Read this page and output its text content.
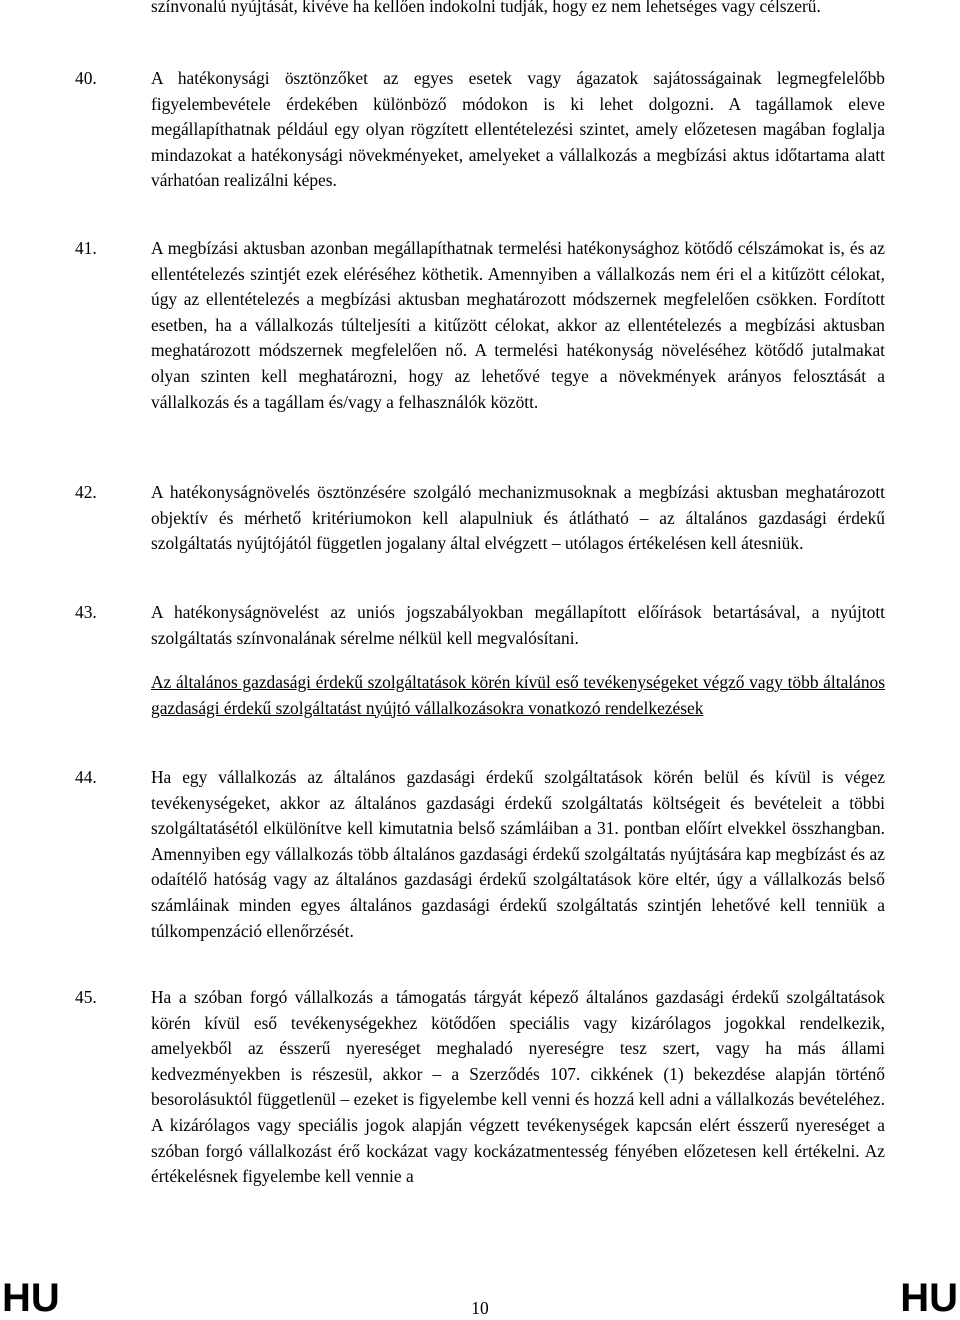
színvonalú nyújtását, kivéve ha kellően indokolni tudják, hogy ez nem lehetséges vagy célszerű.
40.	A hatékonysági ösztönzőket az egyes esetek vagy ágazatok sajátosságainak legmegfelelőbb figyelembevétele érdekében különböző módokon is ki lehet dolgozni. A tagállamok eleve megállapíthatnak például egy olyan rögzített ellentételezési szintet, amely előzetesen magában foglalja mindazokat a hatékonysági növekményeket, amelyeket a vállalkozás a megbízási aktus időtartama alatt várhatóan realizálni képes.
41.	A megbízási aktusban azonban megállapíthatnak termelési hatékonysághoz kötődő célszámokat is, és az ellentételezés szintjét ezek eléréséhez köthetik. Amennyiben a vállalkozás nem éri el a kitűzött célokat, úgy az ellentételezés a megbízási aktusban meghatározott módszernek megfelelően csökken. Fordított esetben, ha a vállalkozás túlteljesíti a kitűzött célokat, akkor az ellentételezés a megbízási aktusban meghatározott módszernek megfelelően nő. A termelési hatékonyság növeléséhez kötődő jutalmakat olyan szinten kell meghatározni, hogy az lehetővé tegye a növekmények arányos felosztását a vállalkozás és a tagállam és/vagy a felhasználók között.
42.	A hatékonyságnövelés ösztönzésére szolgáló mechanizmusoknak a megbízási aktusban meghatározott objektív és mérhető kritériumokon kell alapulniuk és átlátható – az általános gazdasági érdekű szolgáltatás nyújtójától független jogalany által elvégzett – utólagos értékelésen kell átesniük.
43.	A hatékonyságnövelést az uniós jogszabályokban megállapított előírások betartásával, a nyújtott szolgáltatás színvonalának sérelme nélkül kell megvalósítani.
Az általános gazdasági érdekű szolgáltatások körén kívül eső tevékenységeket végző vagy több általános gazdasági érdekű szolgáltatást nyújtó vállalkozásokra vonatkozó rendelkezések
44.	Ha egy vállalkozás az általános gazdasági érdekű szolgáltatások körén belül és kívül is végez tevékenységeket, akkor az általános gazdasági érdekű szolgáltatás költségeit és bevételeit a többi szolgáltatásétól elkülönítve kell kimutatnia belső számláiban a 31. pontban előírt elvekkel összhangban. Amennyiben egy vállalkozás több általános gazdasági érdekű szolgáltatás nyújtására kap megbízást és az odaítélő hatóság vagy az általános gazdasági érdekű szolgáltatások köre eltér, úgy a vállalkozás belső számláinak minden egyes általános gazdasági érdekű szolgáltatás szintjén lehetővé kell tenniük a túlkompenzáció ellenőrzését.
45.	Ha a szóban forgó vállalkozás a támogatás tárgyát képező általános gazdasági érdekű szolgáltatások körén kívül eső tevékenységekhez kötődően speciális vagy kizárólagos jogokkal rendelkezik, amelyekből az ésszerű nyereséget meghaladó nyereségre tesz szert, vagy ha más állami kedvezményekben is részesül, akkor – a Szerződés 107. cikkének (1) bekezdése alapján történő besorolásuktól függetlenül – ezeket is figyelembe kell venni és hozzá kell adni a vállalkozás bevételéhez. A kizárólagos vagy speciális jogok alapján végzett tevékenységek kapcsán elért ésszerű nyereséget a szóban forgó vállalkozást érő kockázat vagy kockázatmentesség fényében előzetesen kell értékelni. Az értékelésnek figyelembe kell vennie a
HU	10	HU
